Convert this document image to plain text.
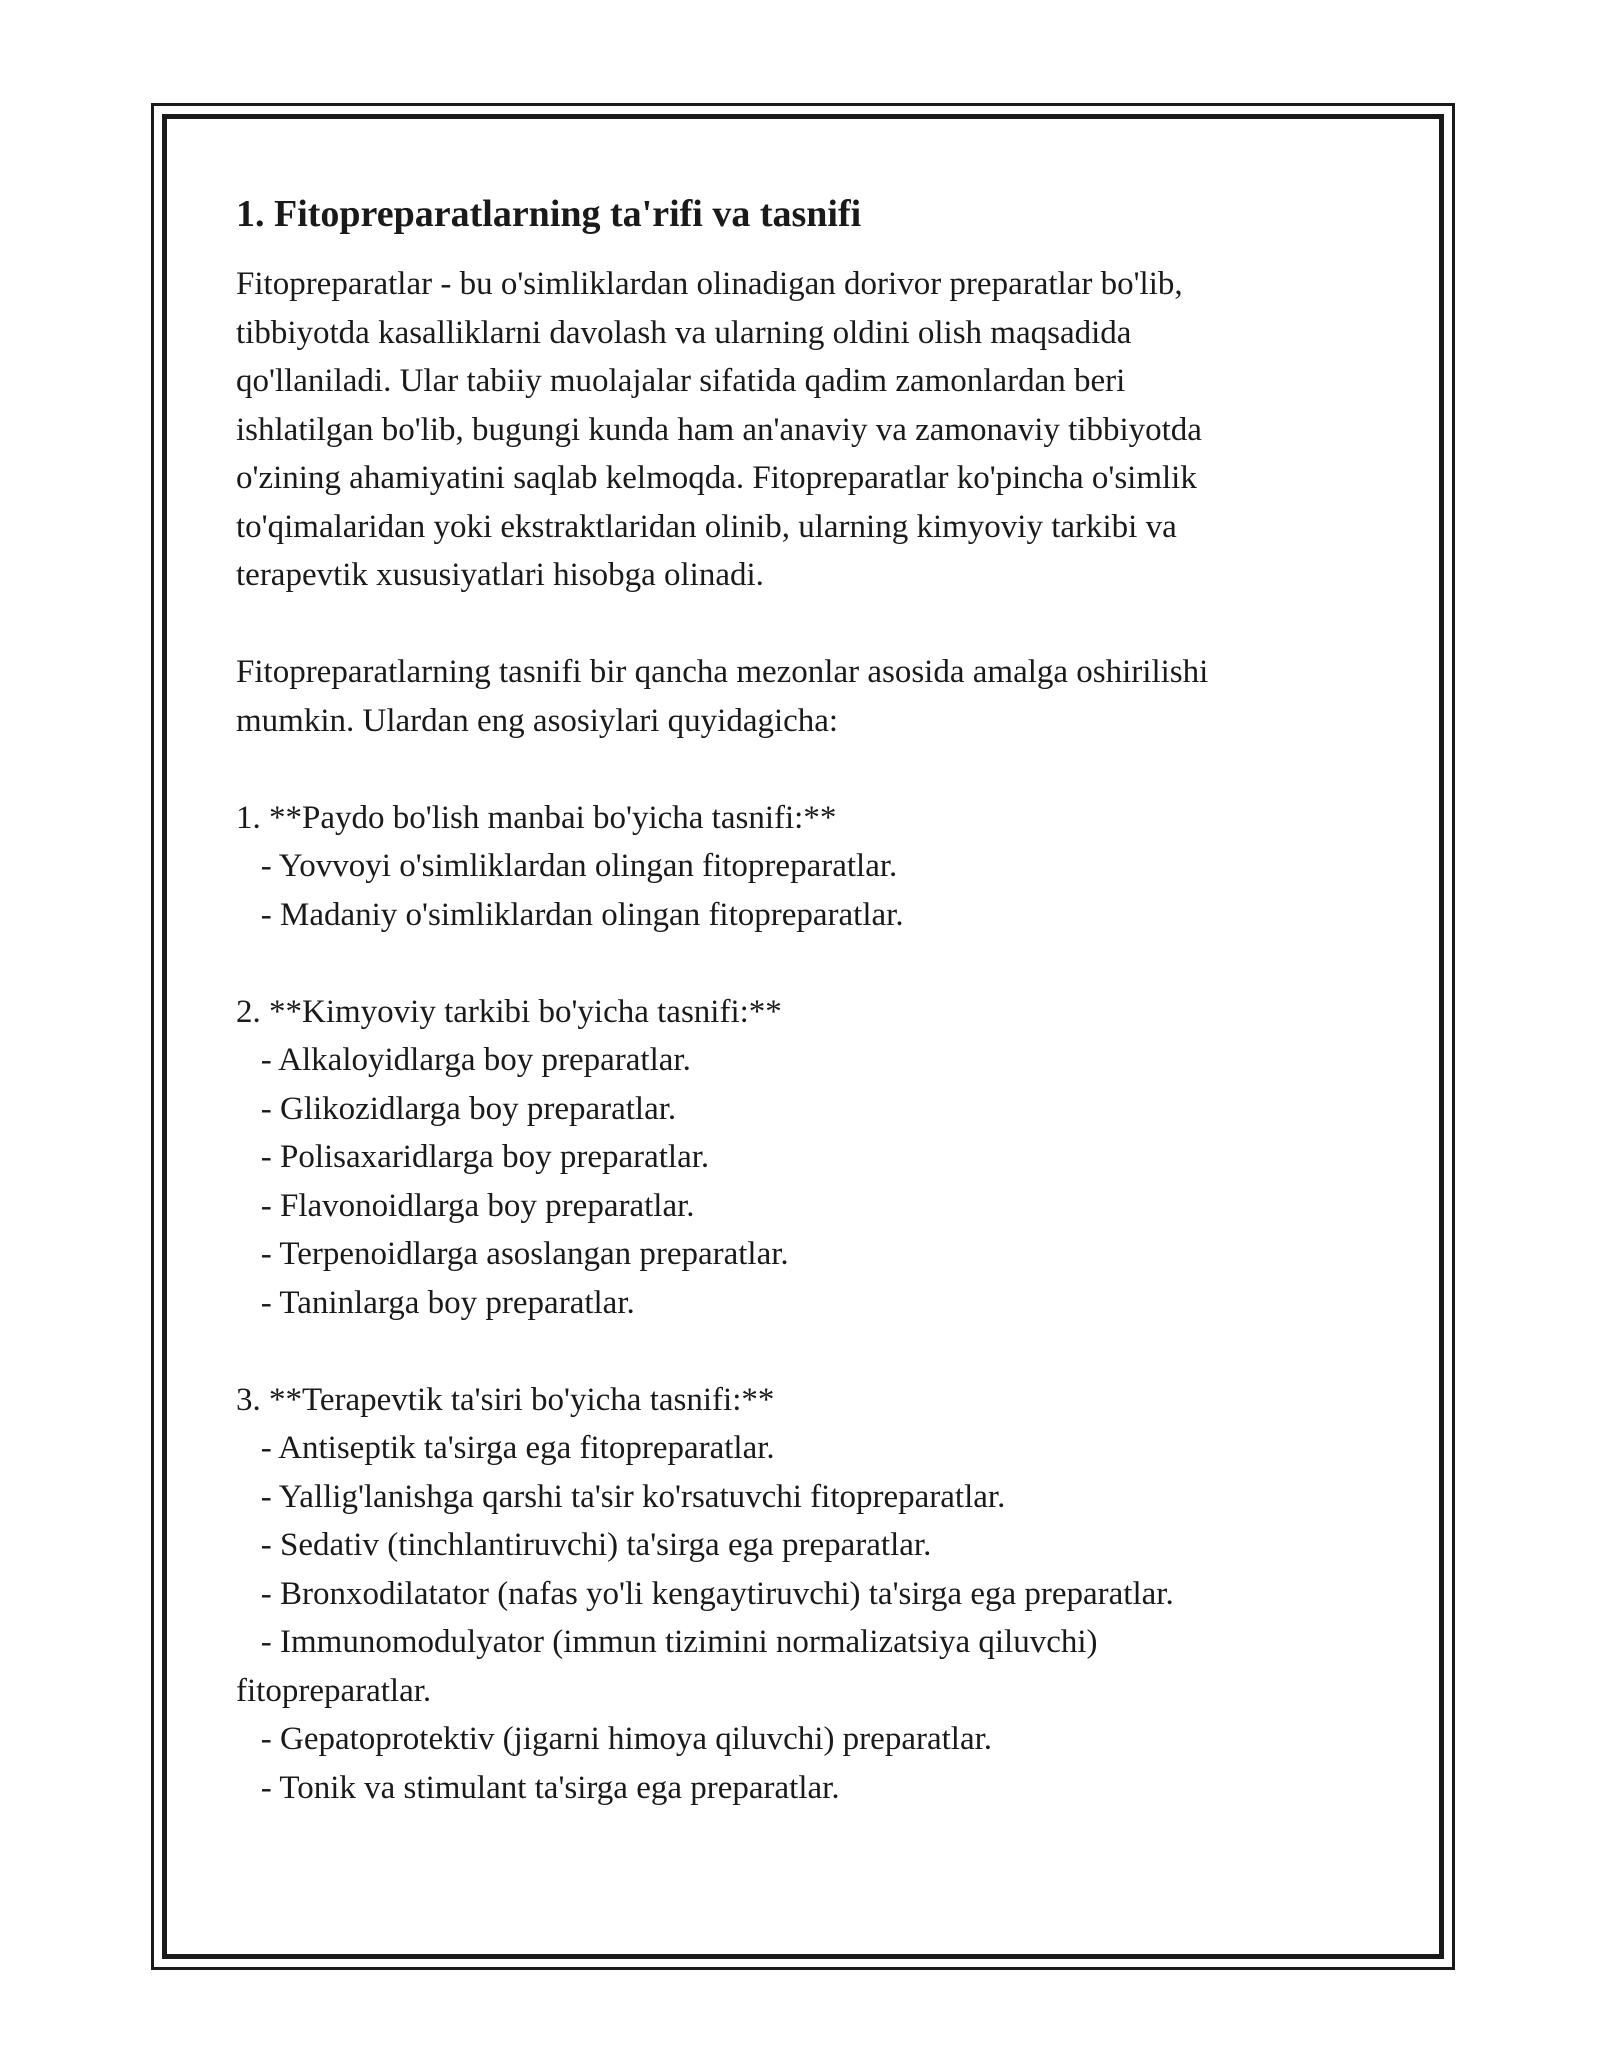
1. Fitopreparatlarning ta'rifi va tasnifi
Fitopreparatlar - bu o'simliklardan olinadigan dorivor preparatlar bo'lib,
tibbiyotda kasalliklarni davolash va ularning oldini olish maqsadida
qo'llaniladi. Ular tabiiy muolajalar sifatida qadim zamonlardan beri
ishlatilgan bo'lib, bugungi kunda ham an'anaviy va zamonaviy tibbiyotda
o'zining ahamiyatini saqlab kelmoqda. Fitopreparatlar ko'pincha o'simlik
to'qimalaridan yoki ekstraktlaridan olinib, ularning kimyoviy tarkibi va
terapevtik xususiyatlari hisobga olinadi.
Fitopreparatlarning tasnifi bir qancha mezonlar asosida amalga oshirilishi
mumkin. Ulardan eng asosiylari quyidagicha:
1. **Paydo bo'lish manbai bo'yicha tasnifi:**
- Yovvoyi o'simliklardan olingan fitopreparatlar.
- Madaniy o'simliklardan olingan fitopreparatlar.
2. **Kimyoviy tarkibi bo'yicha tasnifi:**
- Alkaloyidlarga boy preparatlar.
- Glikozidlarga boy preparatlar.
- Polisaxaridlarga boy preparatlar.
- Flavonoidlarga boy preparatlar.
- Terpenoidlarga asoslangan preparatlar.
- Taninlarga boy preparatlar.
3. **Terapevtik ta'siri bo'yicha tasnifi:**
- Antiseptik ta'sirga ega fitopreparatlar.
- Yallig'lanishga qarshi ta'sir ko'rsatuvchi fitopreparatlar.
- Sedativ (tinchlantiruvchi) ta'sirga ega preparatlar.
- Bronxodilatator (nafas yo'li kengaytiruvchi) ta'sirga ega preparatlar.
- Immunomodulyator (immun tizimini normalizatsiya qiluvchi)
fitopreparatlar.
- Gepatoprotektiv (jigarni himoya qiluvchi) preparatlar.
- Tonik va stimulant ta'sirga ega preparatlar.
